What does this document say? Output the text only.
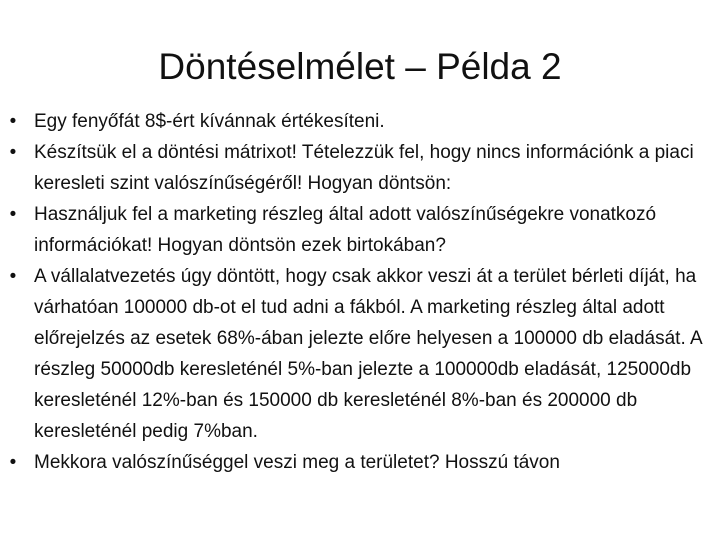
Döntéselmélet – Példa 2
• Egy fenyőfát 8$-ért kívánnak értékesíteni.
• Készítsük el a döntési mátrixot! Tételezzük fel, hogy nincs információnk a piaci keresleti szint valószínűségéről! Hogyan döntsön:
• Használjuk fel a marketing részleg által adott valószínűségekre vonatkozó információkat! Hogyan döntsön ezek birtokában?
• A vállalatvezetés úgy döntött, hogy csak akkor veszi át a terület bérleti díját, ha várhatóan 100000 db-ot el tud adni a fákból. A marketing részleg által adott előrejelzés az esetek 68%-ában jelezte előre helyesen a 100000 db eladását. A részleg 50000db keresleténél 5%-ban jelezte a 100000db eladását, 125000db keresleténél 12%-ban és 150000 db keresleténél 8%-ban és 200000 db keresleténél pedig 7%ban.
• Mekkora valószínűséggel veszi meg a területet? Hosszú távon
